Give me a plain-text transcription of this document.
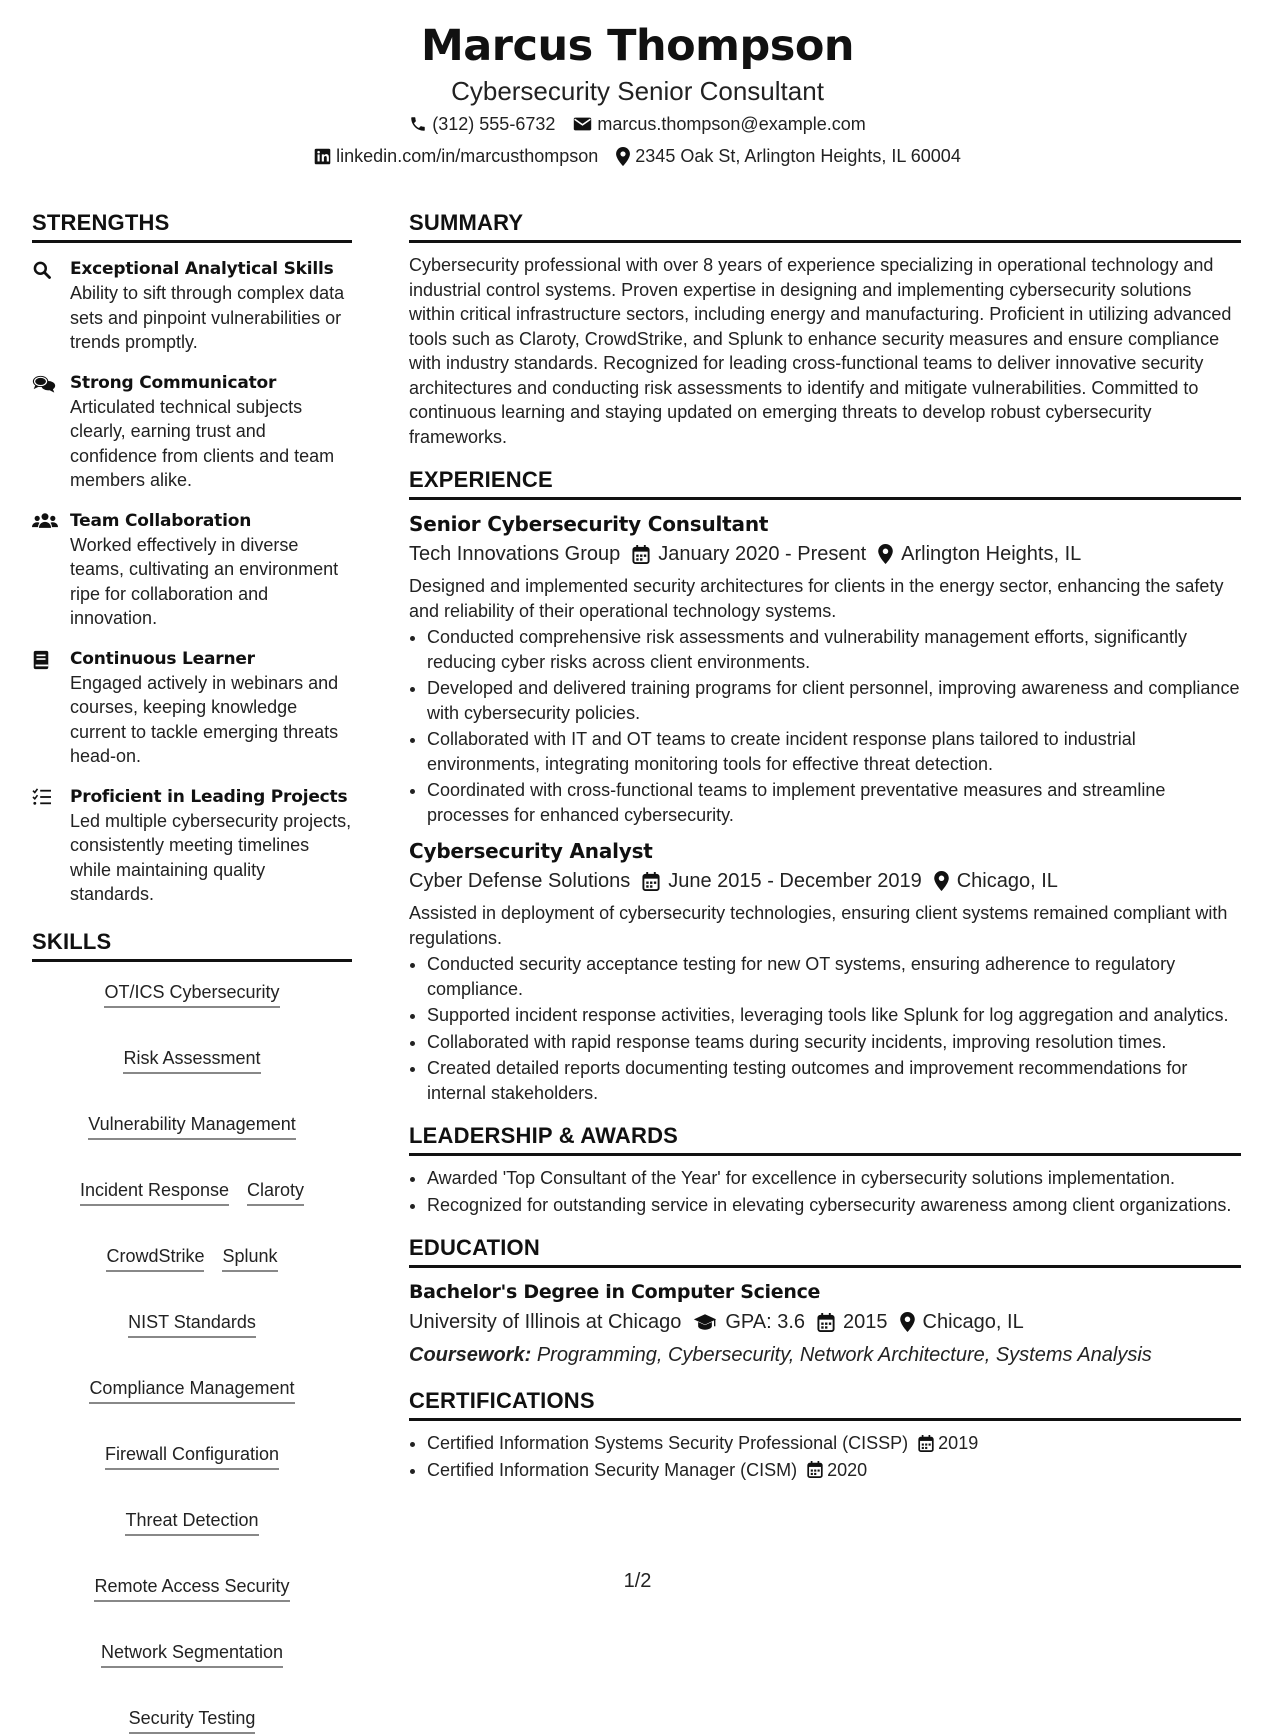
Marcus Thompson
Cybersecurity Senior Consultant
(312) 555-6732 marcus.thompson@example.com
linkedin.com/in/marcusthompson 2345 Oak St, Arlington Heights, IL 60004
STRENGTHS
Exceptional Analytical Skills
Ability to sift through complex data sets and pinpoint vulnerabilities or trends promptly.
Strong Communicator
Articulated technical subjects clearly, earning trust and confidence from clients and team members alike.
Team Collaboration
Worked effectively in diverse teams, cultivating an environment ripe for collaboration and innovation.
Continuous Learner
Engaged actively in webinars and courses, keeping knowledge current to tackle emerging threats head-on.
Proficient in Leading Projects
Led multiple cybersecurity projects, consistently meeting timelines while maintaining quality standards.
SKILLS
OT/ICS Cybersecurity
Risk Assessment
Vulnerability Management
Incident Response Claroty
CrowdStrike Splunk
NIST Standards
Compliance Management
Firewall Configuration
Threat Detection
Remote Access Security
Network Segmentation
Security Testing
SUMMARY

Cybersecurity professional with over 8 years of experience specializing in operational technology and industrial control systems. Proven expertise in designing and implementing cybersecurity solutions within critical infrastructure sectors, including energy and manufacturing. Proficient in utilizing advanced tools such as Claroty, CrowdStrike, and Splunk to enhance security measures and ensure compliance with industry standards. Recognized for leading cross-functional teams to deliver innovative security architectures and conducting risk assessments to identify and mitigate vulnerabilities. Committed to continuous learning and staying updated on emerging threats to develop robust cybersecurity frameworks.

EXPERIENCE
Senior Cybersecurity Consultant
Tech Innovations Group January 2020 - Present Arlington Heights, IL

Designed and implemented security architectures for clients in the energy sector, enhancing the safety and reliability of their operational technology systems.

• Conducted comprehensive risk assessments and vulnerability management efforts, significantly reducing cyber risks across client environments.
• Developed and delivered training programs for client personnel, improving awareness and compliance with cybersecurity policies.
• Collaborated with IT and OT teams to create incident response plans tailored to industrial environments, integrating monitoring tools for effective threat detection.
• Coordinated with cross-functional teams to implement preventative measures and streamline processes for enhanced cybersecurity.
Cybersecurity Analyst
Cyber Defense Solutions June 2015 - December 2019 Chicago, IL

Assisted in deployment of cybersecurity technologies, ensuring client systems remained compliant with regulations.

• Conducted security acceptance testing for new OT systems, ensuring adherence to regulatory compliance.
• Supported incident response activities, leveraging tools like Splunk for log aggregation and analytics.
• Collaborated with rapid response teams during security incidents, improving resolution times.
• Created detailed reports documenting testing outcomes and improvement recommendations for internal stakeholders.
LEADERSHIP & AWARDS
• Awarded 'Top Consultant of the Year' for excellence in cybersecurity solutions implementation.
• Recognized for outstanding service in elevating cybersecurity awareness among client organizations.
EDUCATION
Bachelor's Degree in Computer Science
University of Illinois at Chicago GPA: 3.6 2015 Chicago, IL
Coursework: Programming, Cybersecurity, Network Architecture, Systems Analysis
CERTIFICATIONS
• Certified Information Systems Security Professional (CISSP) 2019
• Certified Information Security Manager (CISM) 2020
1/2
